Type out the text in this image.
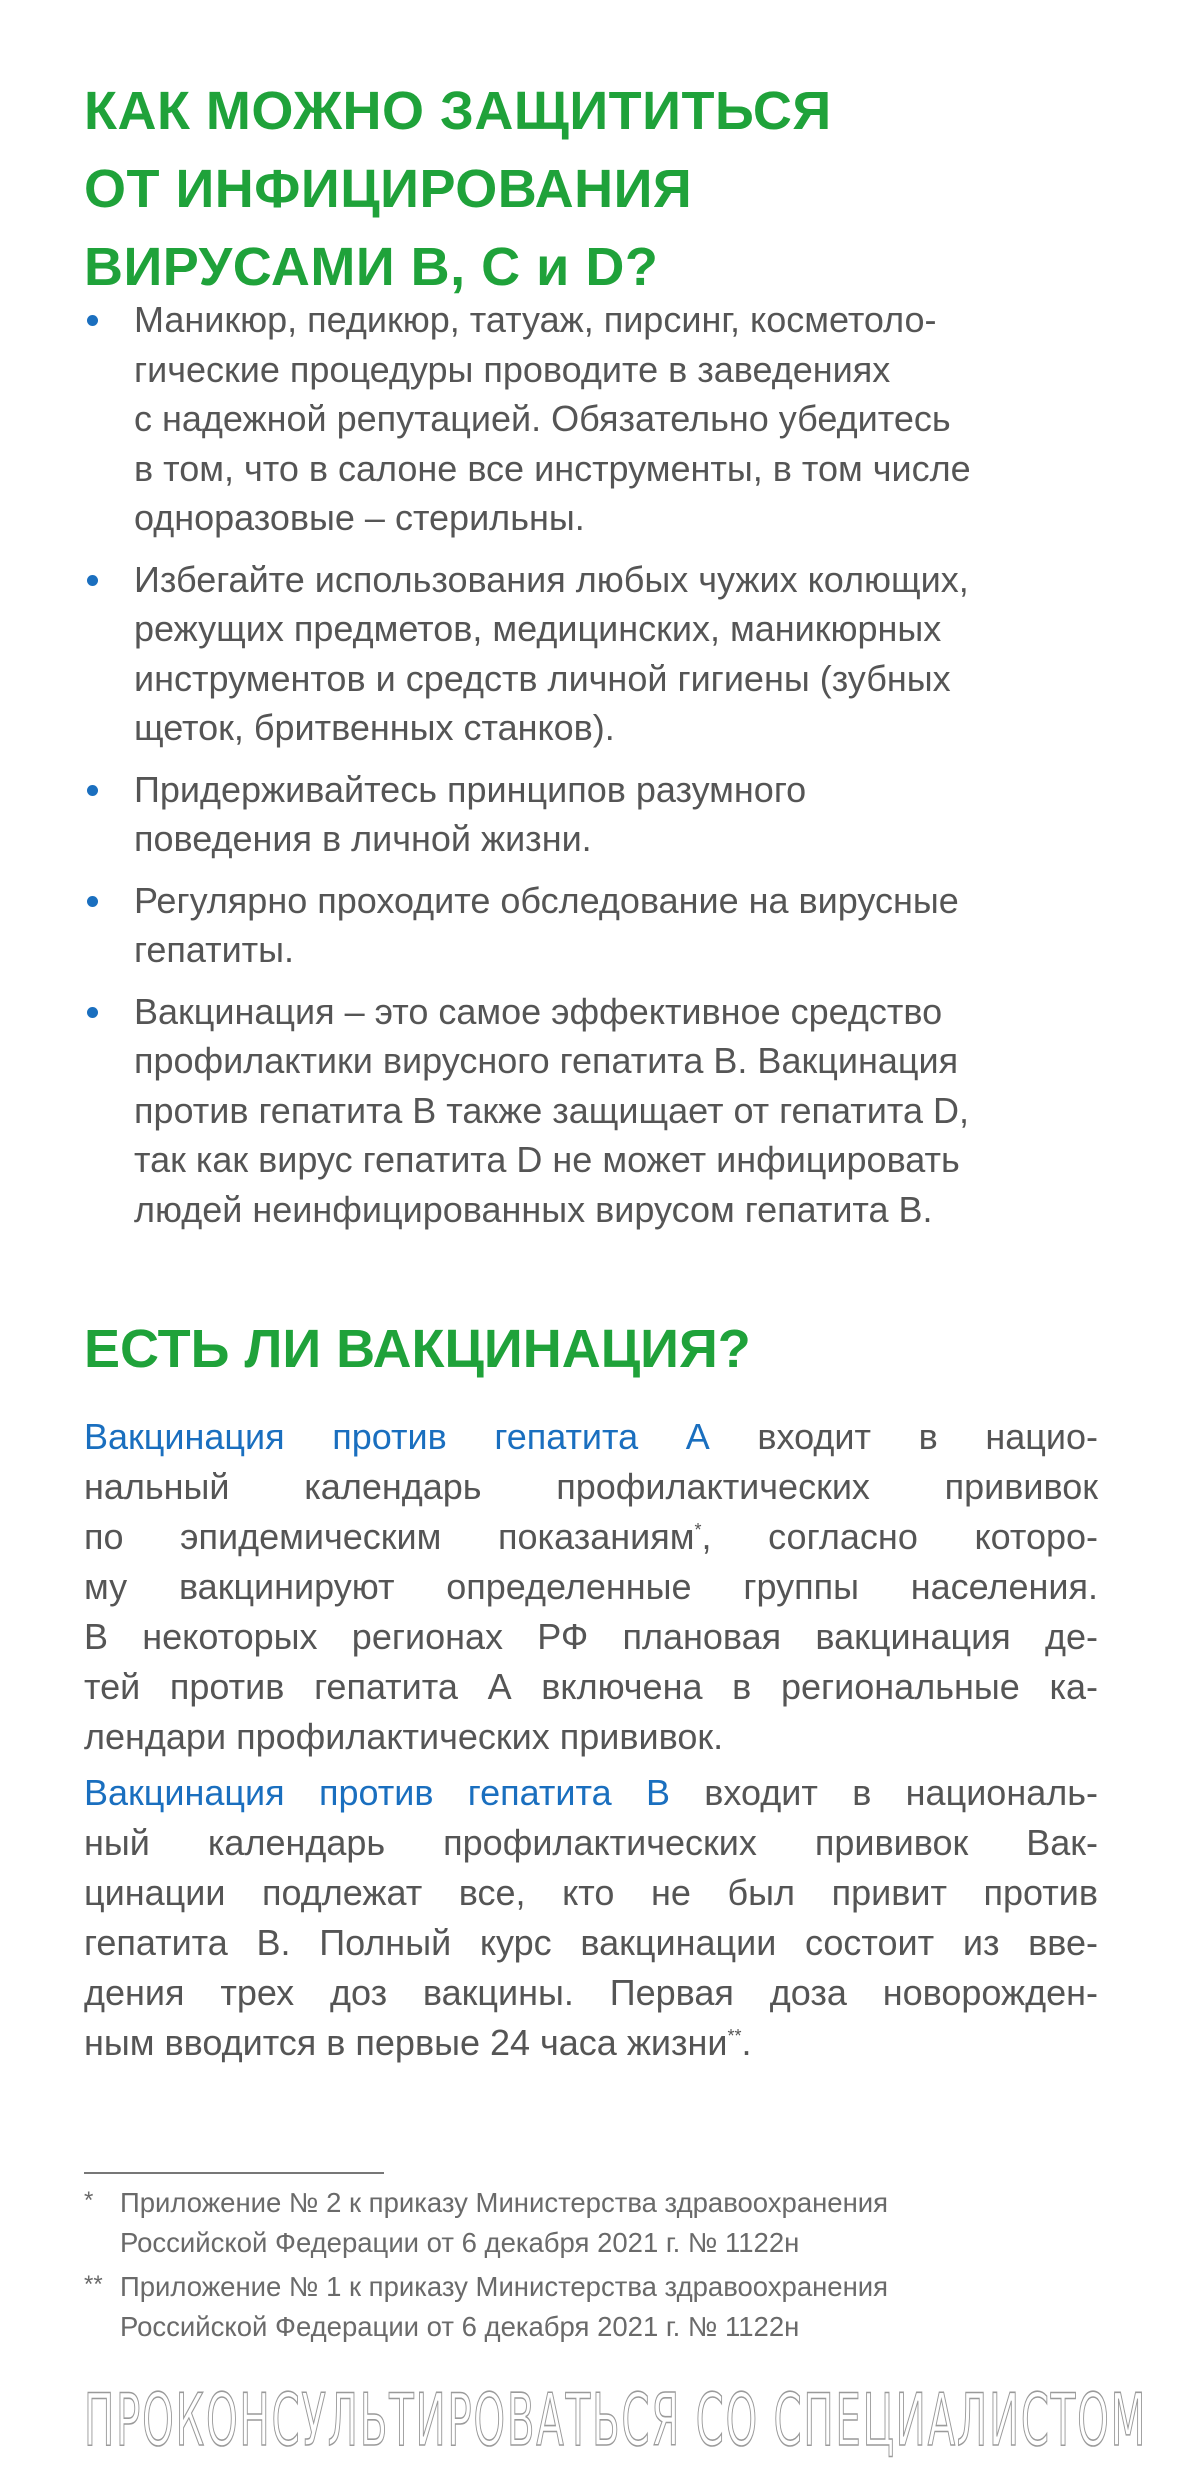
КАК МОЖНО ЗАЩИТИТЬСЯ
ОТ ИНФИЦИРОВАНИЯ
ВИРУСАМИ В, С и D?
Маникюр, педикюр, татуаж, пирсинг, косметоло-
гические процедуры проводите в заведениях
с надежной репутацией. Обязательно убедитесь
в том, что в салоне все инструменты, в том числе
одноразовые – стерильны.
Избегайте использования любых чужих колющих,
режущих предметов, медицинских, маникюрных
инструментов и средств личной гигиены (зубных
щеток, бритвенных станков).
Придерживайтесь принципов разумного
поведения в личной жизни.
Регулярно проходите обследование на вирусные
гепатиты.
Вакцинация – это самое эффективное средство
профилактики вирусного гепатита В. Вакцинация
против гепатита В также защищает от гепатита D,
так как вирус гепатита D не может инфицировать
людей неинфицированных вирусом гепатита В.
ЕСТЬ ЛИ ВАКЦИНАЦИЯ?
Вакцинация против гепатита А входит в нацио-
нальный календарь профилактических прививок
по эпидемическим показаниям*, согласно которо-
му вакцинируют определенные группы населения.
В некоторых регионах РФ плановая вакцинация де-
тей против гепатита А включена в региональные ка-
лендари профилактических прививок.
Вакцинация против гепатита В входит в националь-
ный календарь профилактических прививок Вак-
цинации подлежат все, кто не был привит против
гепатита В. Полный курс вакцинации состоит из вве-
дения трех доз вакцины. Первая доза новорожден-
ным вводится в первые 24 часа жизни**.
* Приложение № 2 к приказу Министерства здравоохранения
Российской Федерации от 6 декабря 2021 г. № 1122н
** Приложение № 1 к приказу Министерства здравоохранения
Российской Федерации от 6 декабря 2021 г. № 1122н
ПРОКОНСУЛЬТИРОВАТЬСЯ СО СПЕЦИАЛИСТОМ
